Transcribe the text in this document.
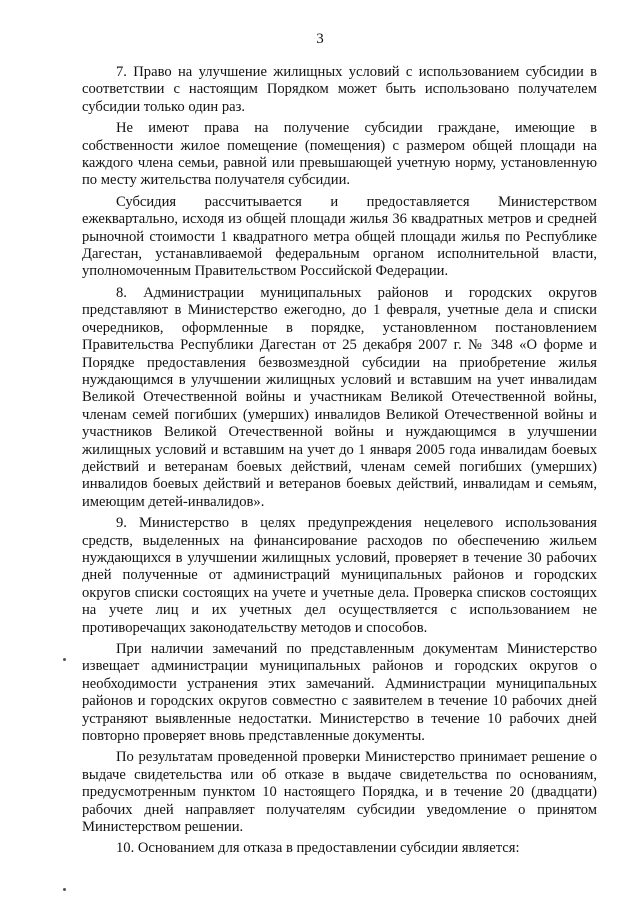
3

7. Право на улучшение жилищных условий с использованием субсидии в соответствии с настоящим Порядком может быть использовано получателем субсидии только один раз.

Не имеют права на получение субсидии граждане, имеющие в собственности жилое помещение (помещения) с размером общей площади на каждого члена семьи, равной или превышающей учетную норму, установленную по месту жительства получателя субсидии.

Субсидия рассчитывается и предоставляется Министерством ежеквартально, исходя из общей площади жилья 36 квадратных метров и средней рыночной стоимости 1 квадратного метра общей площади жилья по Республике Дагестан, устанавливаемой федеральным органом исполнительной власти, уполномоченным Правительством Российской Федерации.

8. Администрации муниципальных районов и городских округов представляют в Министерство ежегодно, до 1 февраля, учетные дела и списки очередников, оформленные в порядке, установленном постановлением Правительства Республики Дагестан от 25 декабря 2007 г. № 348 «О форме и Порядке предоставления безвозмездной субсидии на приобретение жилья нуждающимся в улучшении жилищных условий и вставшим на учет инвалидам Великой Отечественной войны и участникам Великой Отечественной войны, членам семей погибших (умерших) инвалидов Великой Отечественной войны и участников Великой Отечественной войны и нуждающимся в улучшении жилищных условий и вставшим на учет до 1 января 2005 года инвалидам боевых действий и ветеранам боевых действий, членам семей погибших (умерших) инвалидов боевых действий и ветеранов боевых действий, инвалидам и семьям, имеющим детей-инвалидов».

9. Министерство в целях предупреждения нецелевого использования средств, выделенных на финансирование расходов по обеспечению жильем нуждающихся в улучшении жилищных условий, проверяет в течение 30 рабочих дней полученные от администраций муниципальных районов и городских округов списки состоящих на учете и учетные дела. Проверка списков состоящих на учете лиц и их учетных дел осуществляется с использованием не противоречащих законодательству методов и способов.

При наличии замечаний по представленным документам Министерство извещает администрации муниципальных районов и городских округов о необходимости устранения этих замечаний. Администрации муниципальных районов и городских округов совместно с заявителем в течение 10 рабочих дней устраняют выявленные недостатки. Министерство в течение 10 рабочих дней повторно проверяет вновь представленные документы.

По результатам проведенной проверки Министерство принимает решение о выдаче свидетельства или об отказе в выдаче свидетельства по основаниям, предусмотренным пунктом 10 настоящего Порядка, и в течение 20 (двадцати) рабочих дней направляет получателям субсидии уведомление о принятом Министерством решении.

10. Основанием для отказа в предоставлении субсидии является:
